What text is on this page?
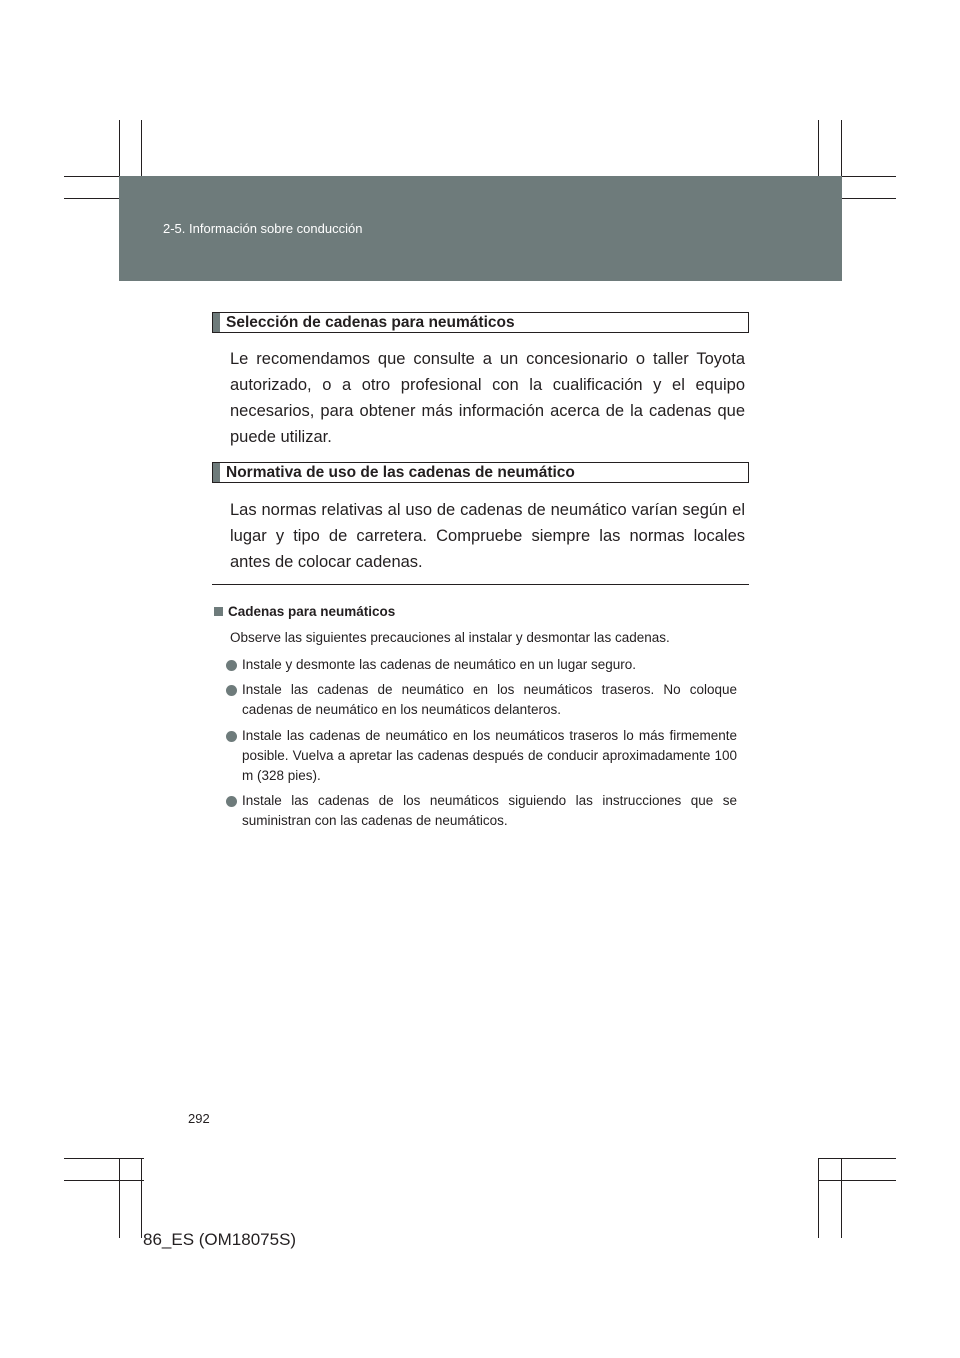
2-5. Información sobre conducción
Selección de cadenas para neumáticos
Le recomendamos que consulte a un concesionario o taller Toyota autorizado, o a otro profesional con la cualificación y el equipo necesarios, para obtener más información acerca de la cadenas que puede utilizar.
Normativa de uso de las cadenas de neumático
Las normas relativas al uso de cadenas de neumático varían según el lugar y tipo de carretera. Compruebe siempre las normas locales antes de colocar cadenas.
Cadenas para neumáticos
Observe las siguientes precauciones al instalar y desmontar las cadenas.
Instale y desmonte las cadenas de neumático en un lugar seguro.
Instale las cadenas de neumático en los neumáticos traseros. No coloque cadenas de neumático en los neumáticos delanteros.
Instale las cadenas de neumático en los neumáticos traseros lo más firmemente posible. Vuelva a apretar las cadenas después de conducir aproximadamente 100 m (328 pies).
Instale las cadenas de los neumáticos siguiendo las instrucciones que se suministran con las cadenas de neumáticos.
292
86_ES (OM18075S)
